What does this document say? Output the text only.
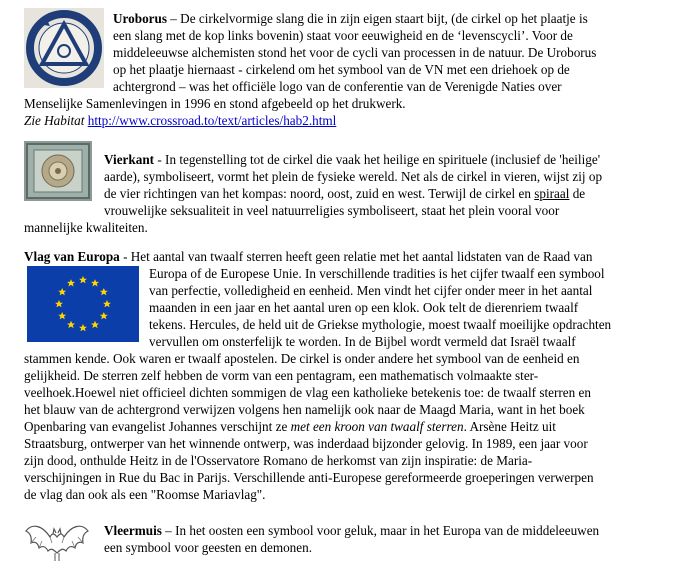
Uroborus – De cirkelvormige slang die in zijn eigen staart bijt, (de cirkel op het plaatje is
een slang met de kop links bovenin) staat voor eeuwigheid en de ‘levenscycli’. Voor de
middeleeuwse alchemisten stond het voor de cycli van processen in de natuur. De Uroborus
op het plaatje hiernaast - cirkelend om het symbool van de VN met een driehoek op de
achtergrond – was het officiële logo van de conferentie van de Verenigde Naties over
Menselijke Samenlevingen in 1996 en stond afgebeeld op het drukwerk.
Zie Habitat http://www.crossroad.to/text/articles/hab2.html
Vierkant - In tegenstelling tot de cirkel die vaak het heilige en spirituele (inclusief de 'heilige'
aarde), symboliseert, vormt het plein de fysieke wereld. Net als de cirkel in vieren, wijst zij op
de vier richtingen van het kompas: noord, oost, zuid en west. Terwijl de cirkel en spiraal de
vrouwelijke seksualiteit in veel natuurreligies symboliseert, staat het plein vooral voor
mannelijke kwaliteiten.
Vlag van Europa - Het aantal van twaalf sterren heeft geen relatie met het aantal lidstaten van de Raad van
Europa of de Europese Unie. In verschillende tradities is het cijfer twaalf een symbool
van perfectie, volledigheid en eenheid. Men vindt het cijfer onder meer in het aantal
maanden in een jaar en het aantal uren op een klok. Ook telt de dierenriem twaalf
tekens. Hercules, de held uit de Griekse mythologie, moest twaalf moeilijke opdrachten
vervullen om onsterfelijk te worden. In de Bijbel wordt vermeld dat Israël twaalf
stammen kende. Ook waren er twaalf apostelen. De cirkel is onder andere het symbool van de eenheid en
gelijkheid. De sterren zelf hebben de vorm van een pentagram, een mathematisch volmaakte ster-
veelhoek.Hoewel niet officieel dichten sommigen de vlag een katholieke betekenis toe: de twaalf sterren en
het blauw van de achtergrond verwijzen volgens hen namelijk ook naar de Maagd Maria, want in het boek
Openbaring van evangelist Johannes verschijnt ze met een kroon van twaalf sterren. Arsène Heitz uit
Straatsburg, ontwerper van het winnende ontwerp, was inderdaad bijzonder gelovig. In 1989, een jaar voor
zijn dood, onthulde Heitz in de l'Osservatore Romano de herkomst van zijn inspiratie: de Maria-
verschijningen in Rue du Bac in Parijs. Verschillende anti-Europese gereformeerde groeperingen verwerpen
de vlag dan ook als een "Roomse Mariavlag".
Vleermuis – In het oosten een symbool voor geluk, maar in het Europa van de middeleeuwen
een symbool voor geesten en demonen.
